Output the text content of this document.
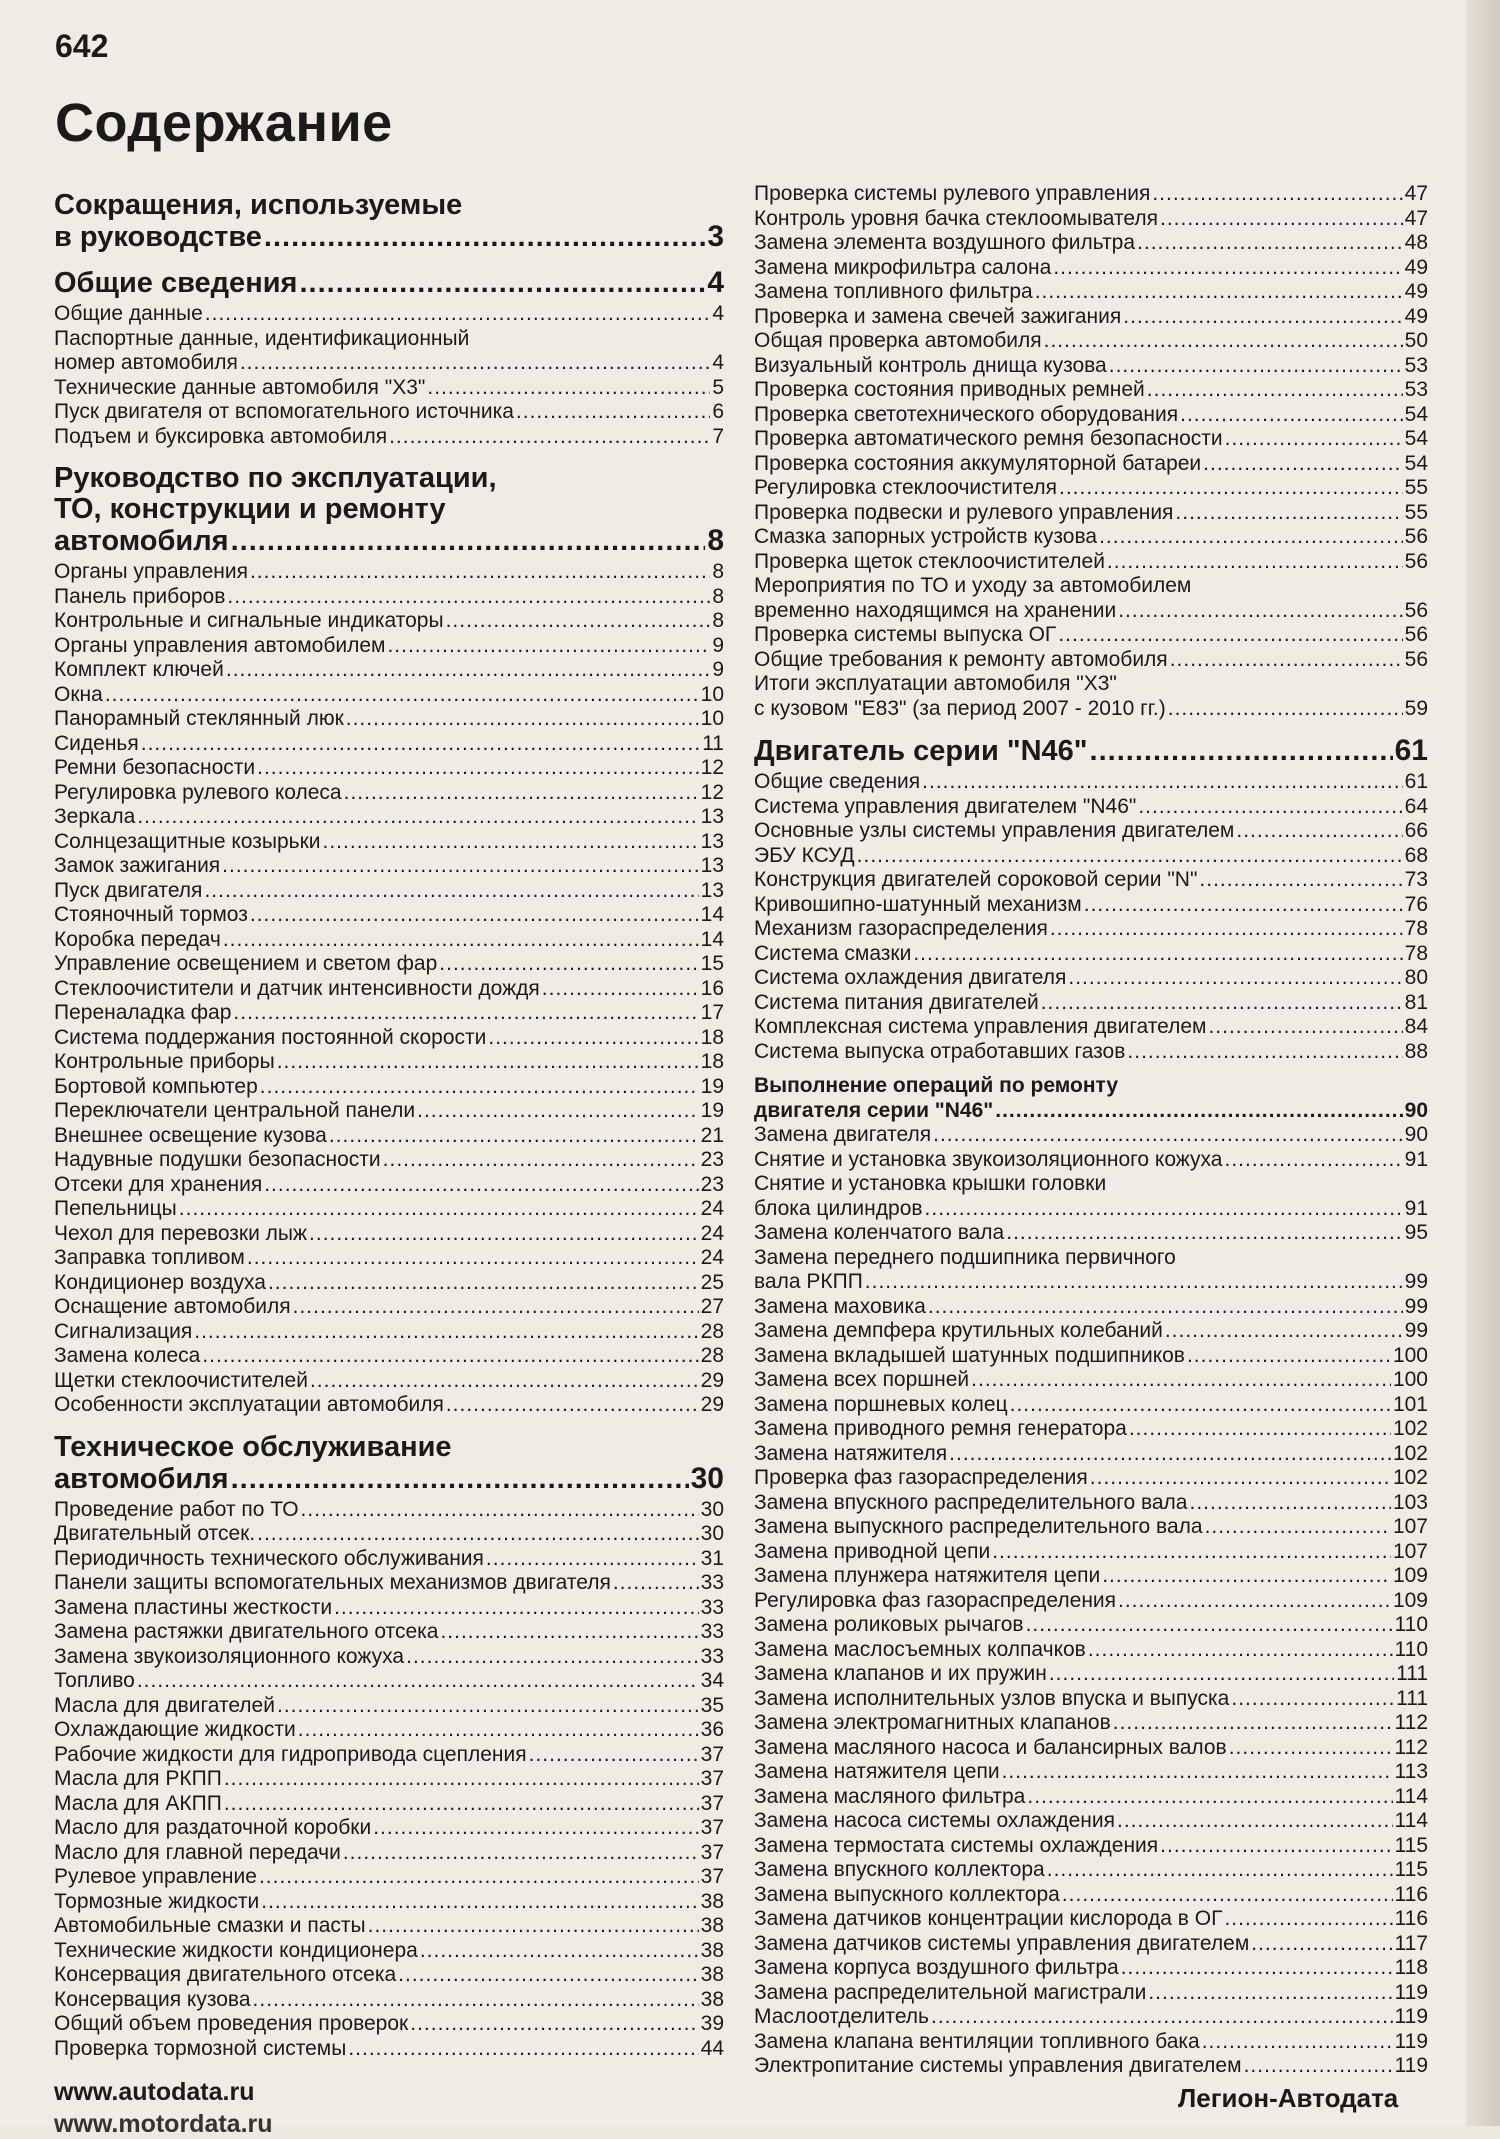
642
Содержание
Сокращения, используемые
в руководстве .....	3
Общие сведения .....	4
Общие данные .....	4
Паспортные данные, идентификационный
номер автомобиля .....	4
Технические данные автомобиля "X3" .....	5
Пуск двигателя от вспомогательного источника .....	6
Подъем и буксировка автомобиля .....	7
Руководство по эксплуатации,
ТО, конструкции и ремонту
автомобиля .....	8
Органы управления .....	8
Панель приборов .....	8
Контрольные и сигнальные индикаторы .....	8
Органы управления автомобилем .....	9
Комплект ключей .....	9
Окна .....	10
Панорамный стеклянный люк .....	10
Сиденья .....	11
Ремни безопасности .....	12
Регулировка рулевого колеса .....	12
Зеркала .....	13
Солнцезащитные козырьки .....	13
Замок зажигания .....	13
Пуск двигателя .....	13
Стояночный тормоз .....	14
Коробка передач .....	14
Управление освещением и светом фар .....	15
Стеклоочистители и датчик интенсивности дождя .....	16
Переналадка фар .....	17
Система поддержания постоянной скорости .....	18
Контрольные приборы .....	18
Бортовой компьютер .....	19
Переключатели центральной панели .....	19
Внешнее освещение кузова .....	21
Надувные подушки безопасности .....	23
Отсеки для хранения .....	23
Пепельницы .....	24
Чехол для перевозки лыж .....	24
Заправка топливом .....	24
Кондиционер воздуха .....	25
Оснащение автомобиля .....	27
Сигнализация .....	28
Замена колеса .....	28
Щетки стеклоочистителей .....	29
Особенности эксплуатации автомобиля .....	29
Техническое обслуживание
автомобиля .....	30
Проведение работ по ТО .....	30
Двигательный отсек. .....	30
Периодичность технического обслуживания .....	31
Панели защиты вспомогательных механизмов двигателя .....	33
Замена пластины жесткости .....	33
Замена растяжки двигательного отсека .....	33
Замена звукоизоляционного кожуха .....	33
Топливо .....	34
Масла для двигателей .....	35
Охлаждающие жидкости .....	36
Рабочие жидкости для гидропривода сцепления .....	37
Масла для РКПП .....	37
Масла для АКПП .....	37
Масло для раздаточной коробки .....	37
Масло для главной передачи .....	37
Рулевое управление .....	37
Тормозные жидкости .....	38
Автомобильные смазки и пасты .....	38
Технические жидкости кондиционера .....	38
Консервация двигательного отсека .....	38
Консервация кузова .....	38
Общий объем проведения проверок .....	39
Проверка тормозной системы .....	44
Проверка системы рулевого управления .....	47
Контроль уровня бачка стеклоомывателя .....	47
Замена элемента воздушного фильтра .....	48
Замена микрофильтра салона .....	49
Замена топливного фильтра .....	49
Проверка и замена свечей зажигания .....	49
Общая проверка автомобиля .....	50
Визуальный контроль днища кузова .....	53
Проверка состояния приводных ремней .....	53
Проверка светотехнического оборудования .....	54
Проверка автоматического ремня безопасности .....	54
Проверка состояния аккумуляторной батареи .....	54
Регулировка стеклоочистителя .....	55
Проверка подвески и рулевого управления .....	55
Смазка запорных устройств кузова .....	56
Проверка щеток стеклоочистителей .....	56
Мероприятия по ТО и уходу за автомобилем
временно находящимся на хранении .....	56
Проверка системы выпуска ОГ .....	56
Общие требования к ремонту автомобиля .....	56
Итоги эксплуатации автомобиля "X3"
с кузовом "E83" (за период 2007 - 2010 гг.) .....	59
Двигатель серии "N46" .....	61
Общие сведения .....	61
Система управления двигателем "N46" .....	64
Основные узлы системы управления двигателем .....	66
ЭБУ КСУД .....	68
Конструкция двигателей сороковой серии "N" .....	73
Кривошипно-шатунный механизм .....	76
Механизм газораспределения .....	78
Система смазки .....	78
Система охлаждения двигателя .....	80
Система питания двигателей .....	81
Комплексная система управления двигателем .....	84
Система выпуска отработавших газов .....	88
Выполнение операций по ремонту
двигателя серии "N46" .....	90
Замена двигателя .....	90
Снятие и установка звукоизоляционного кожуха .....	91
Снятие и установка крышки головки
блока цилиндров .....	91
Замена коленчатого вала .....	95
Замена переднего подшипника первичного
вала РКПП .....	99
Замена маховика .....	99
Замена демпфера крутильных колебаний .....	99
Замена вкладышей шатунных подшипников .....	100
Замена всех поршней .....	100
Замена поршневых колец .....	101
Замена приводного ремня генератора .....	102
Замена натяжителя .....	102
Проверка фаз газораспределения .....	102
Замена впускного распределительного вала .....	103
Замена выпускного распределительного вала .....	107
Замена приводной цепи .....	107
Замена плунжера натяжителя цепи .....	109
Регулировка фаз газораспределения .....	109
Замена роликовых рычагов .....	110
Замена маслосъемных колпачков .....	110
Замена клапанов и их пружин .....	111
Замена исполнительных узлов впуска и выпуска .....	111
Замена электромагнитных клапанов .....	112
Замена масляного насоса и балансирных валов .....	112
Замена натяжителя цепи .....	113
Замена масляного фильтра .....	114
Замена насоса системы охлаждения .....	114
Замена термостата системы охлаждения .....	115
Замена впускного коллектора .....	115
Замена выпускного коллектора .....	116
Замена датчиков концентрации кислорода в ОГ .....	116
Замена датчиков системы управления двигателем .....	117
Замена корпуса воздушного фильтра .....	118
Замена распределительной магистрали .....	119
Маслоотделитель .....	119
Замена клапана вентиляции топливного бака .....	119
Электропитание системы управления двигателем .....	119
www.autodata.ru
www.motordata.ru
Легион-Автодата
